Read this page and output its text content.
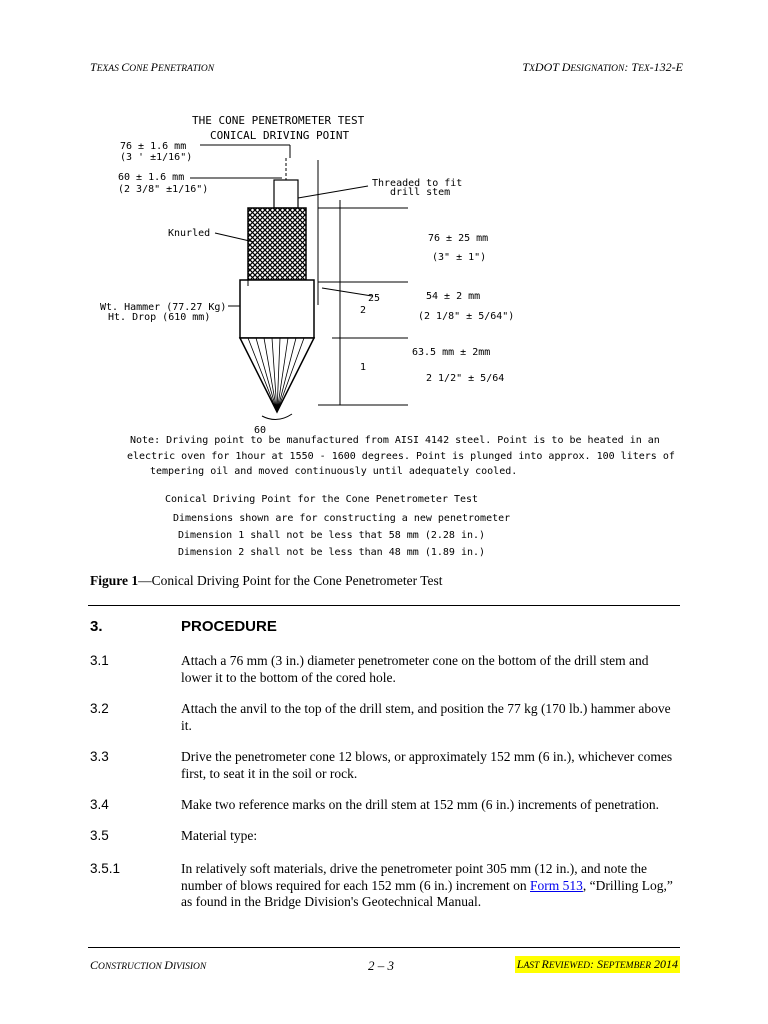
TEXAS CONE PENETRATION	TXDOT DESIGNATION: TEX-132-E
THE CONE PENETROMETER TEST
CONICAL DRIVING POINT
76 ± 1.6 mm
(3 ' ±1/16")
60 ± 1.6 mm
(2 3/8" ±1/16")
Threaded to fit
drill stem
Knurled	76 ± 25 mm
(3" ± 1")
Wt. Hammer (77.27 Kg)
Ht. Drop (610 mm)
25
2
54 ± 2 mm
(2 1/8" ± 5/64")
63.5 mm ± 2mm
2 1/2" ± 5/64
1
60
Note: Driving point to be manufactured from AISI 4142 steel. Point is to be heated in an
electric oven for 1hour at 1550 - 1600 degrees. Point is plunged into approx. 100 liters of
tempering oil and moved continuously until adequately cooled.
Conical Driving Point for the Cone Penetrometer Test
Dimensions shown are for constructing a new penetrometer
Dimension 1 shall not be less that 58 mm (2.28 in.)
Dimension 2 shall not be less than 48 mm (1.89 in.)
Figure 1—Conical Driving Point for the Cone Penetrometer Test
3.	PROCEDURE
3.1	Attach a 76 mm (3 in.) diameter penetrometer cone on the bottom of the drill stem and lower it to the bottom of the cored hole.
3.2	Attach the anvil to the top of the drill stem, and position the 77 kg (170 lb.) hammer above it.
3.3	Drive the penetrometer cone 12 blows, or approximately 152 mm (6 in.), whichever comes first, to seat it in the soil or rock.
3.4	Make two reference marks on the drill stem at 152 mm (6 in.) increments of penetration.
3.5	Material type:
3.5.1	In relatively soft materials, drive the penetrometer point 305 mm (12 in.), and note the number of blows required for each 152 mm (6 in.) increment on Form 513, “Drilling Log,” as found in the Bridge Division's Geotechnical Manual.
CONSTRUCTION DIVISION	2 – 3	LAST REVIEWED: SEPTEMBER 2014
